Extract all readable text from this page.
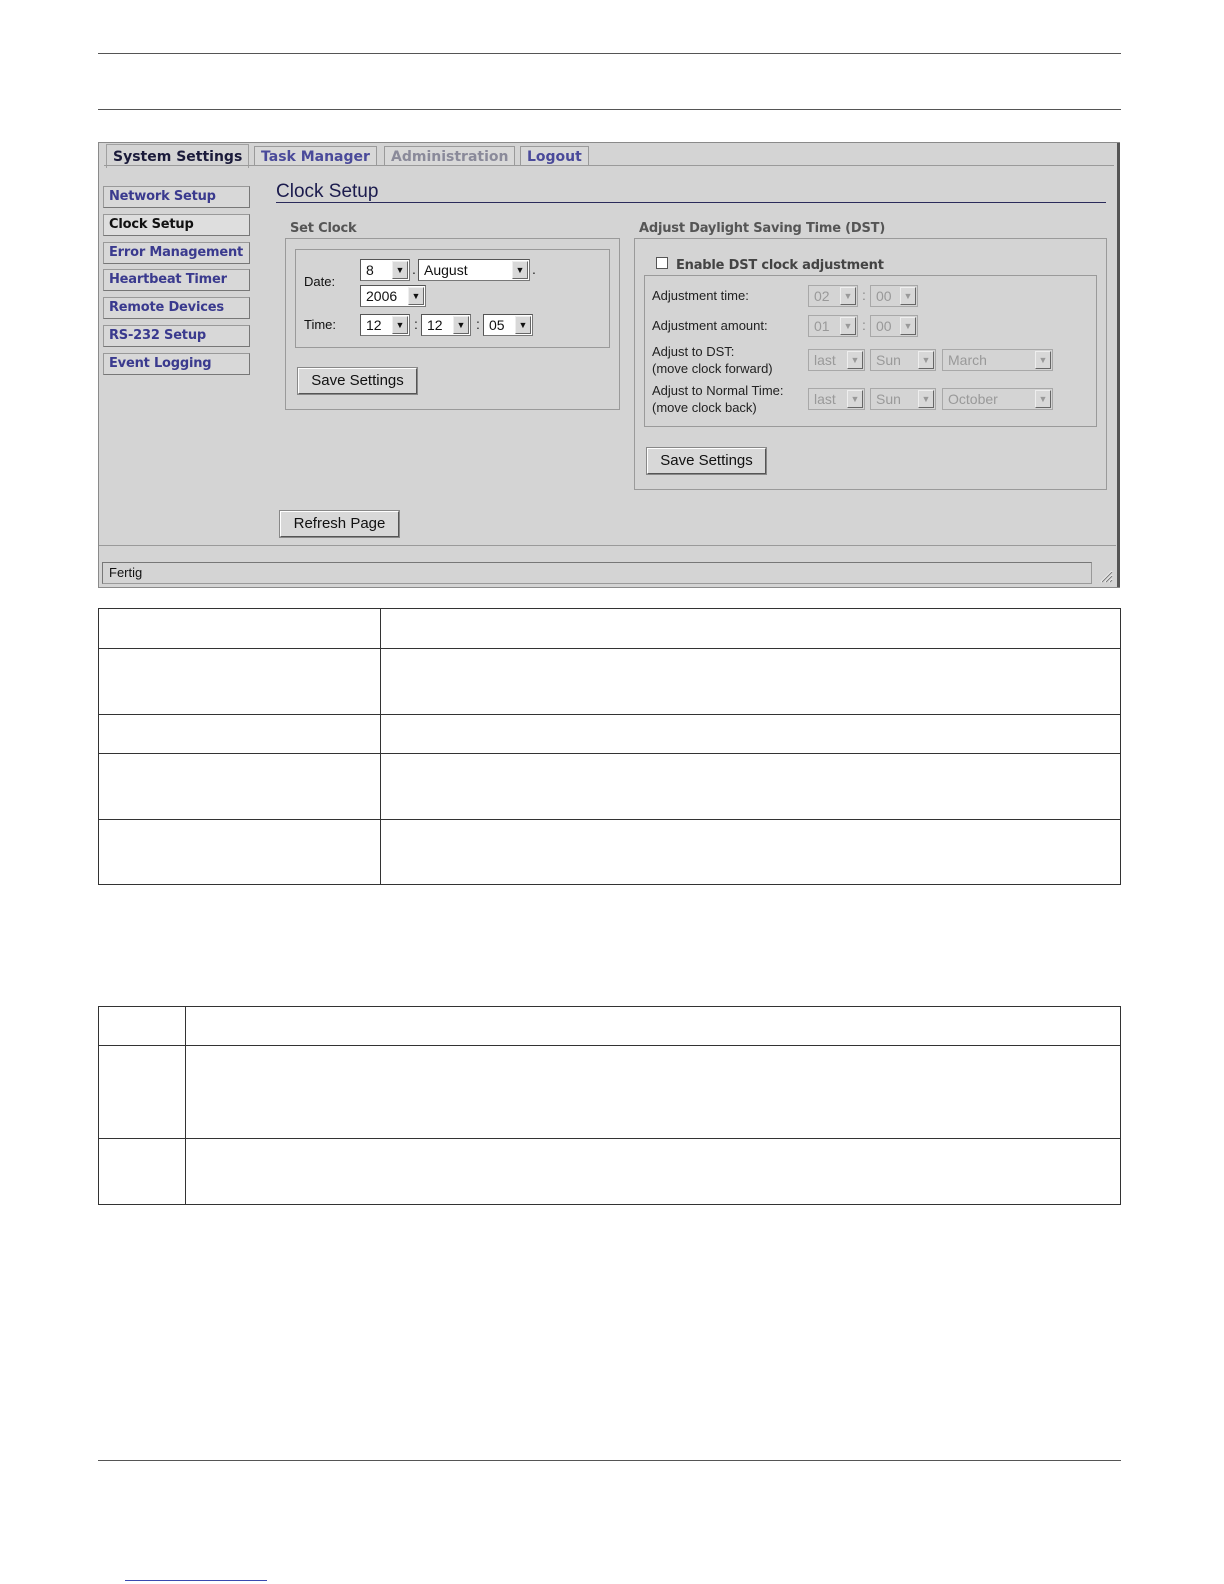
System Settings	Task Manager	Administration	Logout
Network Setup
Clock Setup
Error Management
Heartbeat Timer
Remote Devices
RS-232 Setup
Event Logging
Clock Setup
Set Clock
Date:
8	▼ . August	▼ .
2006	▼
Time:	12	▼ : 12	▼ : 05	▼
Save Settings
Adjust Daylight Saving Time (DST)
Enable DST clock adjustment
Adjustment time:	02	▼ : 00	▼
Adjustment amount:	01	▼ : 00	▼
Adjust to DST:
(move clock forward)
last	▼	Sun	▼	March	▼
Adjust to Normal Time:
(move clock back)
last	▼	Sun	▼	October	▼
Save Settings
Refresh Page
Fertig
